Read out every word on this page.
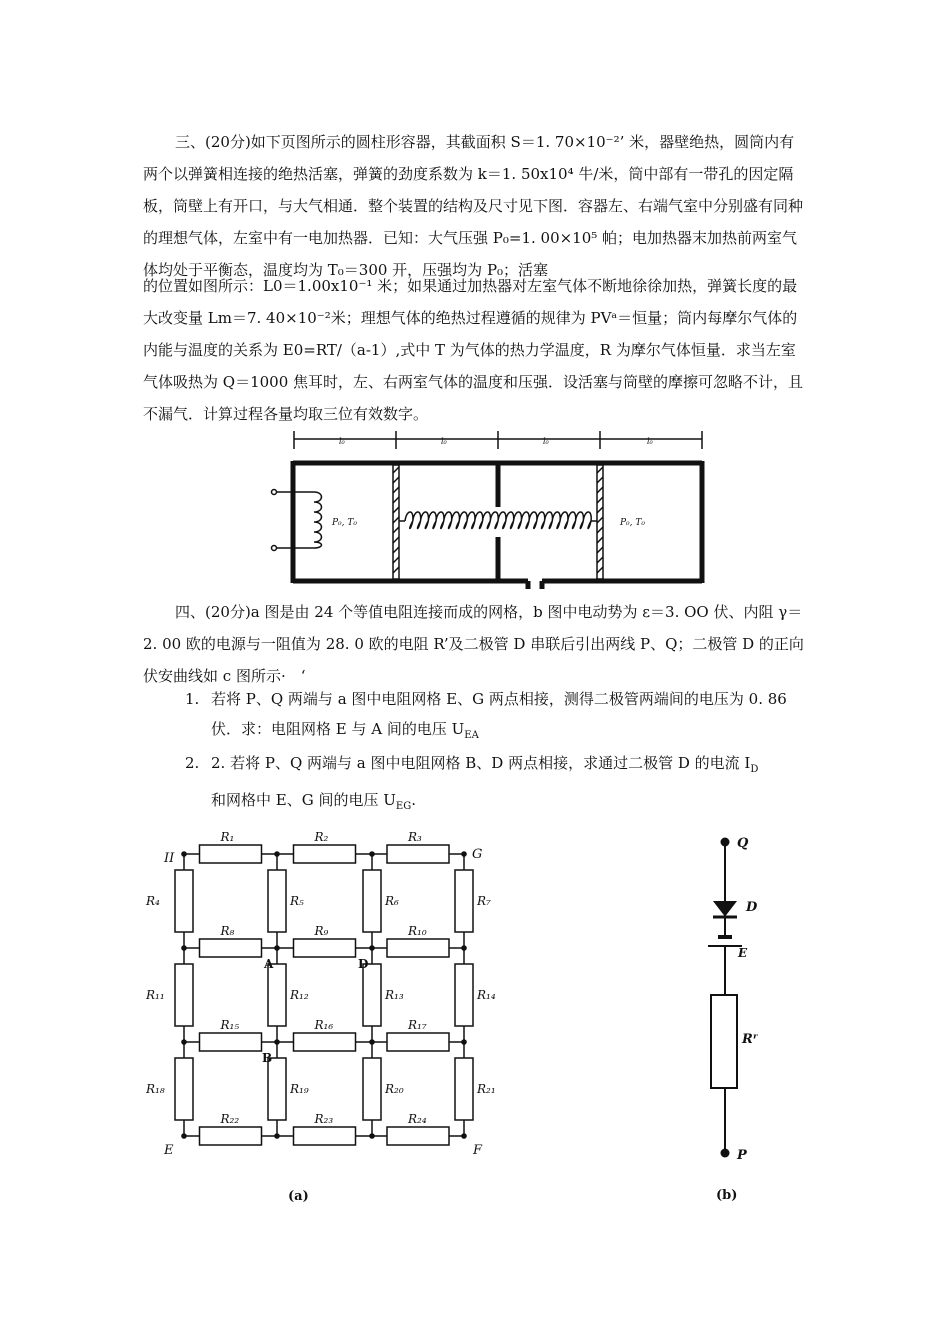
三、(20分)如下页图所示的圆柱形容器，其截面积 S＝1. 70×10⁻²’ 米，器壁绝热，圆筒内有两个以弹簧相连接的绝热活塞，弹簧的劲度系数为 k＝1. 50x10⁴ 牛/米，筒中部有一带孔的因定隔板，筒壁上有开口，与大气相通．整个装置的结构及尺寸见下图．容器左、右端气室中分别盛有同种的理想气体，左室中有一电加热器．已知：大气压强 P₀=1. 00×10⁵ 帕；电加热器末加热前两室气体均处于平衡态，温度均为 T₀＝300 开，压强均为 P₀；活塞

的位置如图所示：L0＝1.00x10⁻¹ 米；如果通过加热器对左室气体不断地徐徐加热，弹簧长度的最大改变量 Lm＝7. 40×10⁻²米；理想气体的绝热过程遵循的规律为 PVᵃ＝恒量；筒内每摩尔气体的内能与温度的关系为 E0=RT/（a-1）,式中 T 为气体的热力学温度，R 为摩尔气体恒量．求当左室气体吸热为 Q＝1000 焦耳时，左、右两室气体的温度和压强．设活塞与筒壁的摩擦可忽略不计，且不漏气．计算过程各量均取三位有效数字。

l₀	l₀	l₀	l₀
P₀, T₀	P₀, T₀

四、(20分)a 图是由 24 个等值电阻连接而成的网格，b 图中电动势为 ε＝3. OO 伏、内阻 γ＝2. 00 欧的电源与一阻值为 28. 0 欧的电阻 R’及二极管 D 串联后引出两线 P、Q；二极管 D 的正向伏安曲线如 c 图所示·　‘

1. 若将 P、Q 两端与 a 图中电阻网格 E、G 两点相接，测得二极管两端间的电压为 0. 86
伏．求：电阻网格 E 与 A 间的电压 $U_{EA}$

2. 2. 若将 P、Q 两端与 a 图中电阻网格 B、D 两点相接，求通过二极管 D 的电流 $I_D$
和网格中 E、G 间的电压 $U_{EG}$.

R₁	R₂	R₃
R₄	R₅	R₆	R₇
R₈	R₉	R₁₀
R₁₁	R₁₂	R₁₃	R₁₄
R₁₅	R₁₆	R₁₇
R₁₈	R₁₉	R₂₀	R₂₁
R₂₂	R₂₃	R₂₄
II	G
E	F
A
B
D
(a)
Q
D
E
Rʳ
P
(b)
